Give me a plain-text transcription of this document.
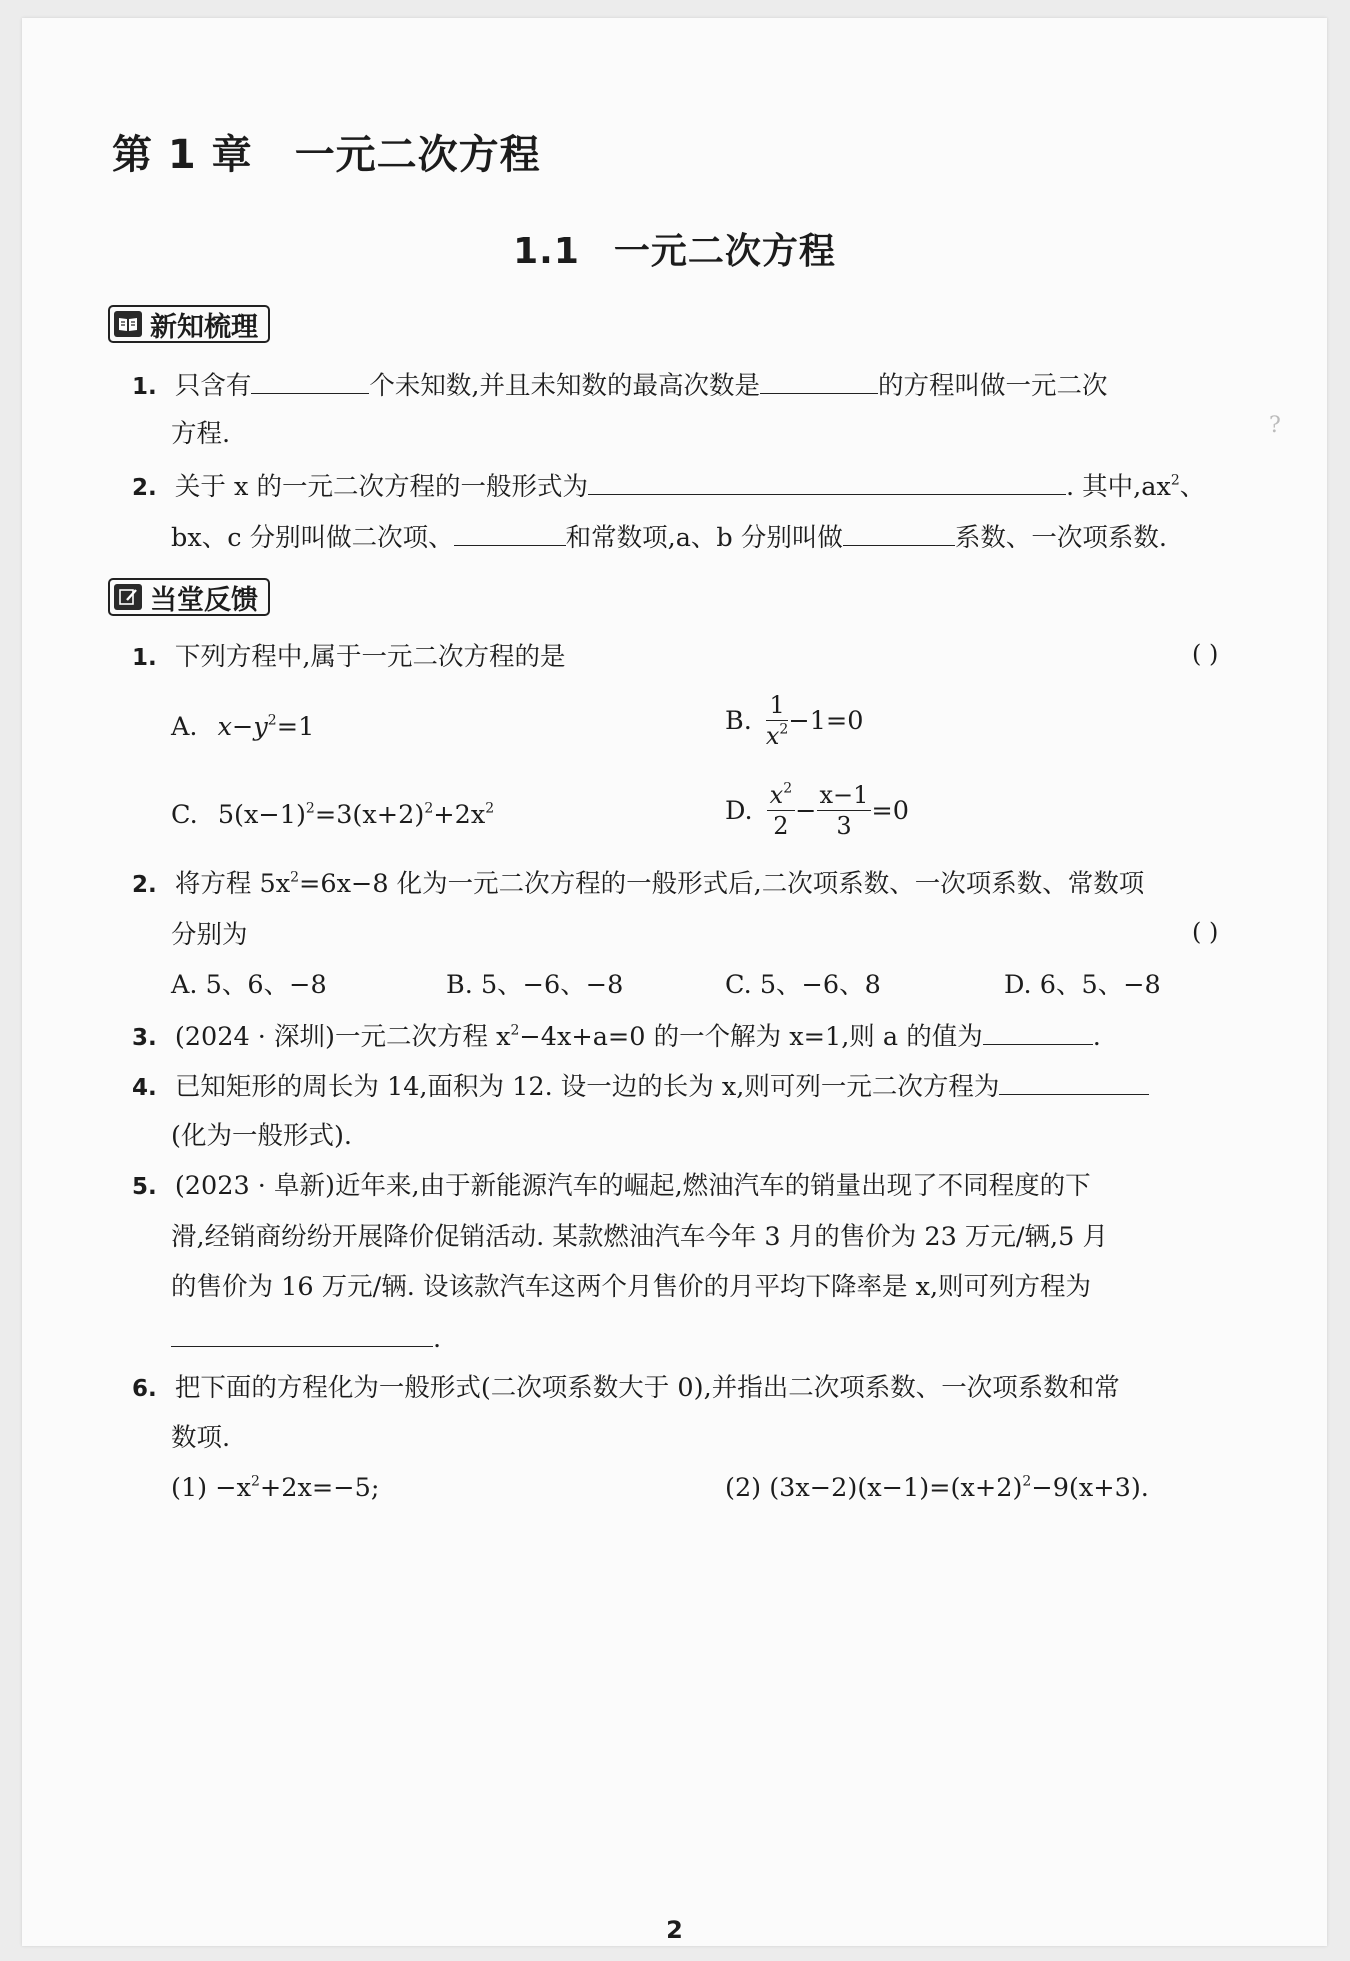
第 1 章 一元二次方程
1.1 一元二次方程
?
新知梳理
1. 只含有	个未知数,并且未知数的最高次数是	的方程叫做一元二次
方程.
2. 关于 x 的一元二次方程的一般形式为	. 其中$,ax^2$、
bx、c 分别叫做二次项、	和常数项,a、b 分别叫做	系数、一次项系数.
当堂反馈
1. 下列方程中,属于一元二次方程的是	( )
A. $x-y^2=1$	B. $\frac{1}{x^2} -1=0$
C. $5(x-1)^2=3(x+2)^2+2x^2$	D. $\frac{x^2}{2} - \frac{x-1}{3} =0$
2. 将方程 $5x^2=6x-8$ 化为一元二次方程的一般形式后,二次项系数、一次项系数、常数项
分别为	( )
A. 5、6、−8	B. 5、−6、−8	C. 5、−6、8	D. 6、5、−8
3. (2024 · 深圳)一元二次方程 $x^2-4x+a=0$ 的一个解为 x=1,则 a 的值为	.
4. 已知矩形的周长为 14,面积为 12. 设一边的长为 x,则可列一元二次方程为
(化为一般形式).
5. (2023 · 阜新)近年来,由于新能源汽车的崛起,燃油汽车的销量出现了不同程度的下
滑,经销商纷纷开展降价促销活动. 某款燃油汽车今年 3 月的售价为 23 万元/辆,5 月
的售价为 16 万元/辆. 设该款汽车这两个月售价的月平均下降率是 x,则可列方程为
.
6. 把下面的方程化为一般形式(二次项系数大于 0),并指出二次项系数、一次项系数和常
数项.
$(1) -x^2+2x=-5$;	(2) $(3x-2)(x-1)=(x+2)^2-9(x+3)$.
2
